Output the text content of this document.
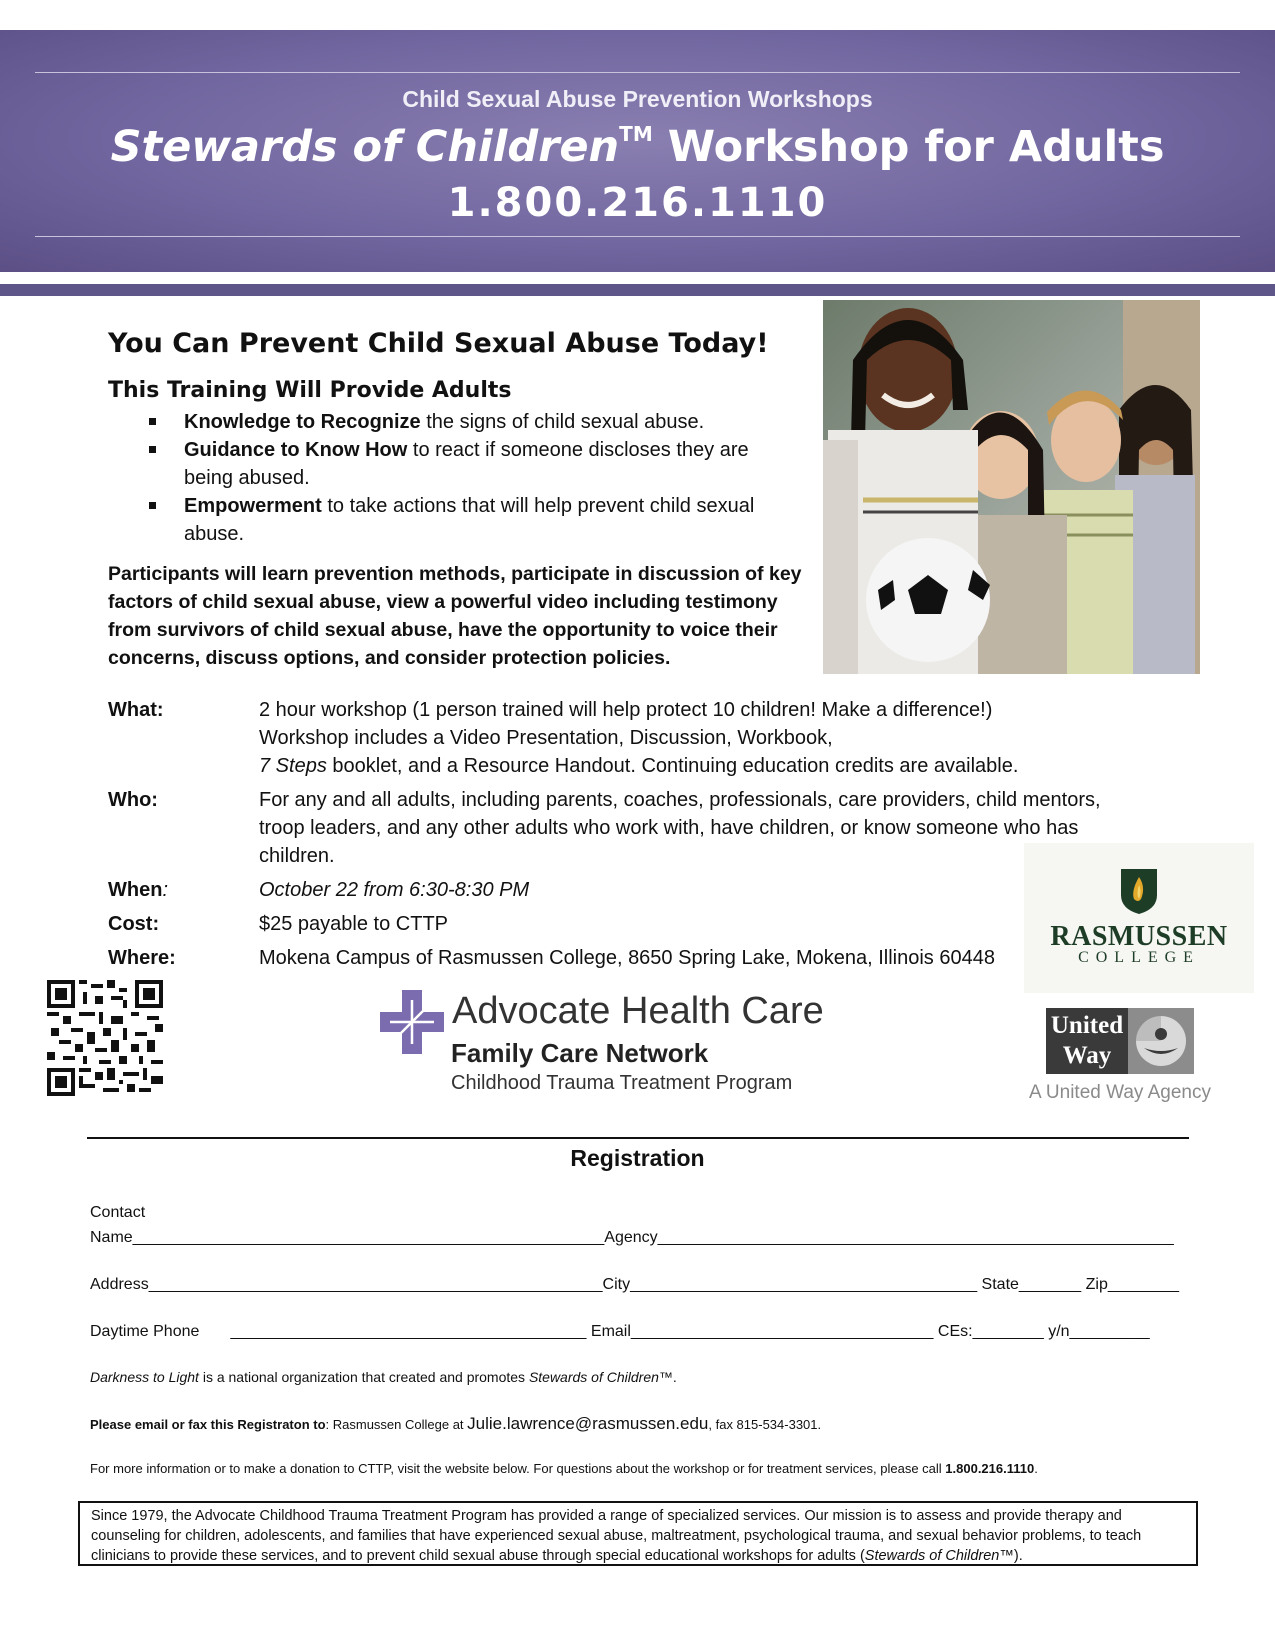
Child Sexual Abuse Prevention Workshops
Stewards of Children™ Workshop for Adults
1.800.216.1110
You Can Prevent Child Sexual Abuse Today!
This Training Will Provide Adults
Knowledge to Recognize the signs of child sexual abuse.
Guidance to Know How to react if someone discloses they are being abused.
Empowerment to take actions that will help prevent child sexual abuse.
Participants will learn prevention methods, participate in discussion of key factors of child sexual abuse, view a powerful video including testimony from survivors of child sexual abuse, have the opportunity to voice their concerns, discuss options, and consider protection policies.
What:	2 hour workshop (1 person trained will help protect 10 children! Make a difference!)

Workshop includes a Video Presentation, Discussion, Workbook,

7 Steps booklet, and a Resource Handout. Continuing education credits are available.

Who:	For any and all adults, including parents, coaches, professionals, care providers, child mentors, troop leaders, and any other adults who work with, have children, or know someone who has children.
When:	October 22 from 6:30-8:30 PM
Cost:	$25 payable to CTTP
Where:	Mokena Campus of Rasmussen College, 8650 Spring Lake, Mokena, Illinois 60448
RASMUSSEN
COLLEGE
Advocate Health Care
Family Care Network
Childhood Trauma Treatment Program
United
Way
A United Way Agency
Registration
Contact
Name_____________________________________________________Agency__________________________________________________________
Address___________________________________________________City_______________________________________ State_______ Zip________
Daytime Phone       ________________________________________ Email__________________________________ CEs:________ y/n_________
Darkness to Light is a national organization that created and promotes Stewards of Children™.
Please email or fax this Registraton to: Rasmussen College at Julie.lawrence@rasmussen.edu, fax 815-534-3301.
For more information or to make a donation to CTTP, visit the website below. For questions about the workshop or for treatment services, please call 1.800.216.1110.
Since 1979, the Advocate Childhood Trauma Treatment Program has provided a range of specialized services. Our mission is to assess and provide therapy and counseling for children, adolescents, and families that have experienced sexual abuse, maltreatment, psychological trauma, and sexual behavior problems, to teach clinicians to provide these services, and to prevent child sexual abuse through special educational workshops for adults (Stewards of Children™).
